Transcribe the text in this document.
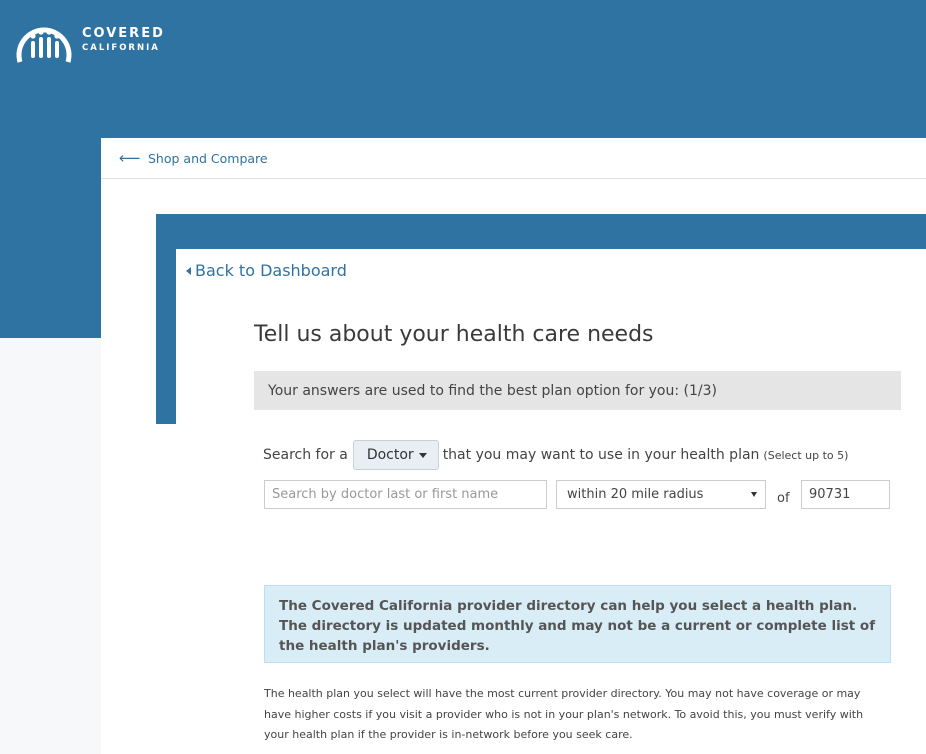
COVERED
CALIFORNIA
⟵ Shop and Compare
Back to Dashboard
Tell us about your health care needs
Your answers are used to find the best plan option for you: (1/3)
Search for a Doctor that you may want to use in your health plan (Select up to 5)
Search by doctor last or first name
within 20 mile radius	of
90731
The Covered California provider directory can help you select a health plan. The directory is updated monthly and may not be a current or complete list of the health plan's providers.
The health plan you select will have the most current provider directory. You may not have coverage or may have higher costs if you visit a provider who is not in your plan's network. To avoid this, you must verify with your health plan if the provider is in-network before you seek care.
